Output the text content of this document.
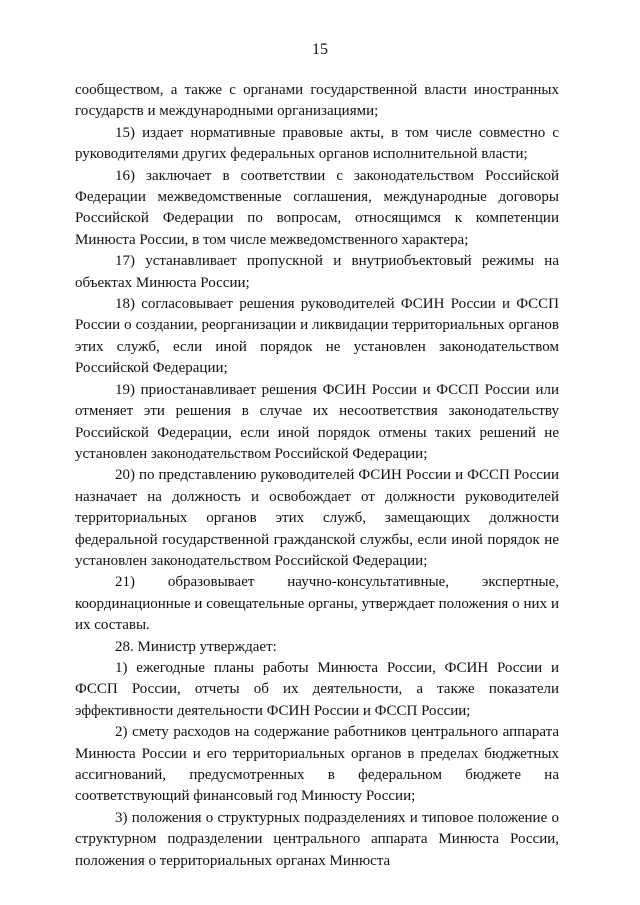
15

сообществом, а также с органами государственной власти иностранных государств и международными организациями;

15) издает нормативные правовые акты, в том числе совместно с руководителями других федеральных органов исполнительной власти;

16) заключает в соответствии с законодательством Российской Федерации межведомственные соглашения, международные договоры Российской Федерации по вопросам, относящимся к компетенции Минюста России, в том числе межведомственного характера;

17) устанавливает пропускной и внутриобъектовый режимы на объектах Минюста России;

18) согласовывает решения руководителей ФСИН России и ФССП России о создании, реорганизации и ликвидации территориальных органов этих служб, если иной порядок не установлен законодательством Российской Федерации;

19) приостанавливает решения ФСИН России и ФССП России или отменяет эти решения в случае их несоответствия законодательству Российской Федерации, если иной порядок отмены таких решений не установлен законодательством Российской Федерации;

20) по представлению руководителей ФСИН России и ФССП России назначает на должность и освобождает от должности руководителей территориальных органов этих служб, замещающих должности федеральной государственной гражданской службы, если иной порядок не установлен законодательством Российской Федерации;

21) образовывает научно-консультативные, экспертные, координационные и совещательные органы, утверждает положения о них и их составы.

28. Министр утверждает:

1) ежегодные планы работы Минюста России, ФСИН России и ФССП России, отчеты об их деятельности, а также показатели эффективности деятельности ФСИН России и ФССП России;

2) смету расходов на содержание работников центрального аппарата Минюста России и его территориальных органов в пределах бюджетных ассигнований, предусмотренных в федеральном бюджете на соответствующий финансовый год Минюсту России;

3) положения о структурных подразделениях и типовое положение о структурном подразделении центрального аппарата Минюста России, положения о территориальных органах Минюста
